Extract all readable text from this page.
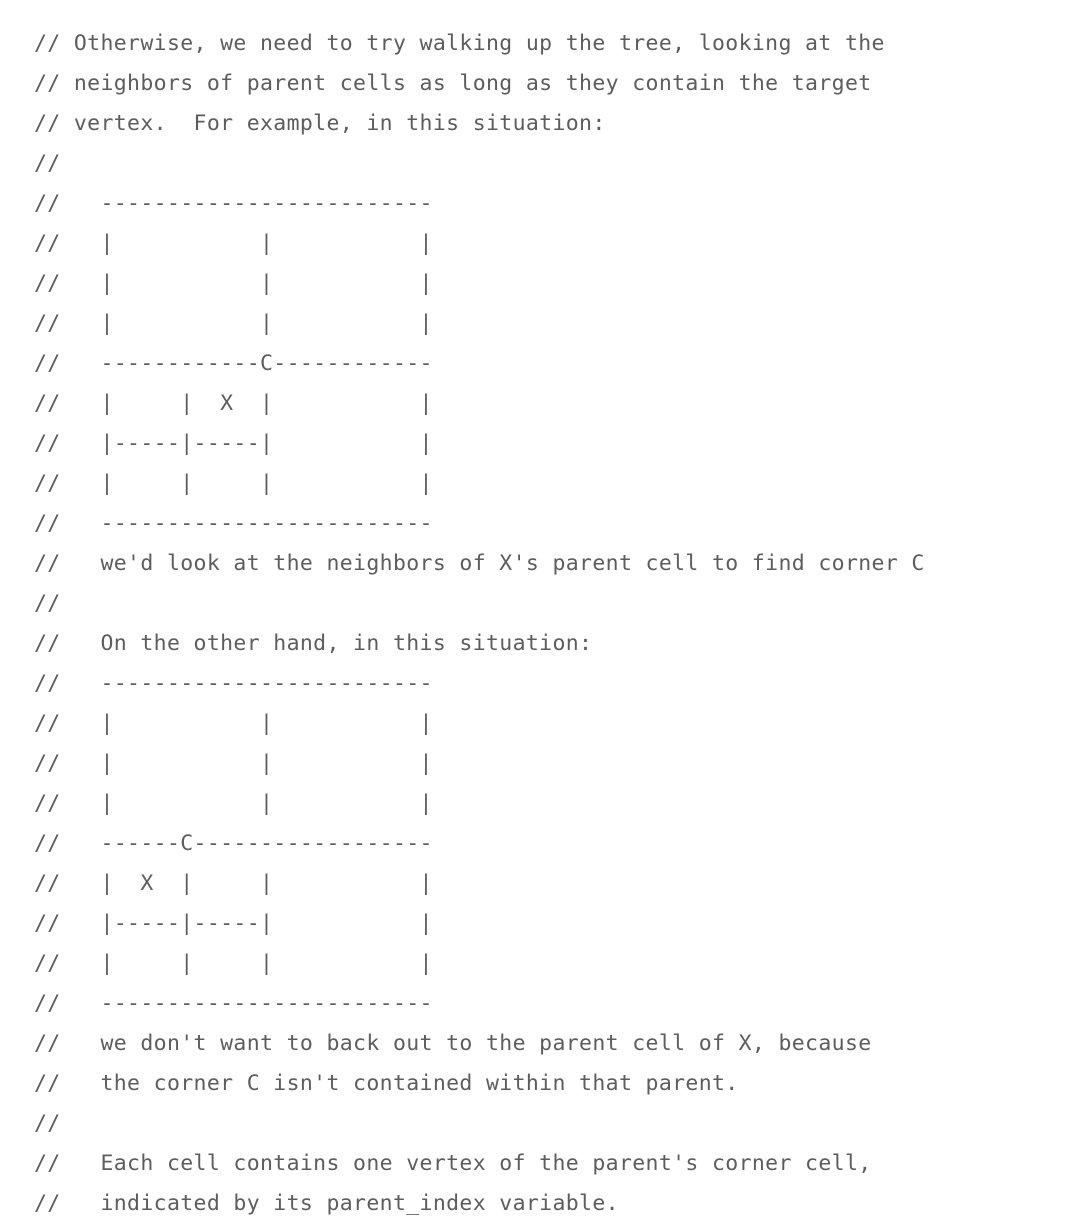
// Otherwise, we need to try walking up the tree, looking at the
// neighbors of parent cells as long as they contain the target
// vertex.  For example, in this situation:
//
//   -------------------------
//   |           |           |
//   |           |           |
//   |           |           |
//   ------------C------------
//   |     |  X  |           |
//   |-----|-----|           |
//   |     |     |           |
//   -------------------------
//   we'd look at the neighbors of X's parent cell to find corner C
//
//   On the other hand, in this situation:
//   -------------------------
//   |           |           |
//   |           |           |
//   |           |           |
//   ------C------------------
//   |  X  |     |           |
//   |-----|-----|           |
//   |     |     |           |
//   -------------------------
//   we don't want to back out to the parent cell of X, because
//   the corner C isn't contained within that parent.
//
//   Each cell contains one vertex of the parent's corner cell,
//   indicated by its parent_index variable.
